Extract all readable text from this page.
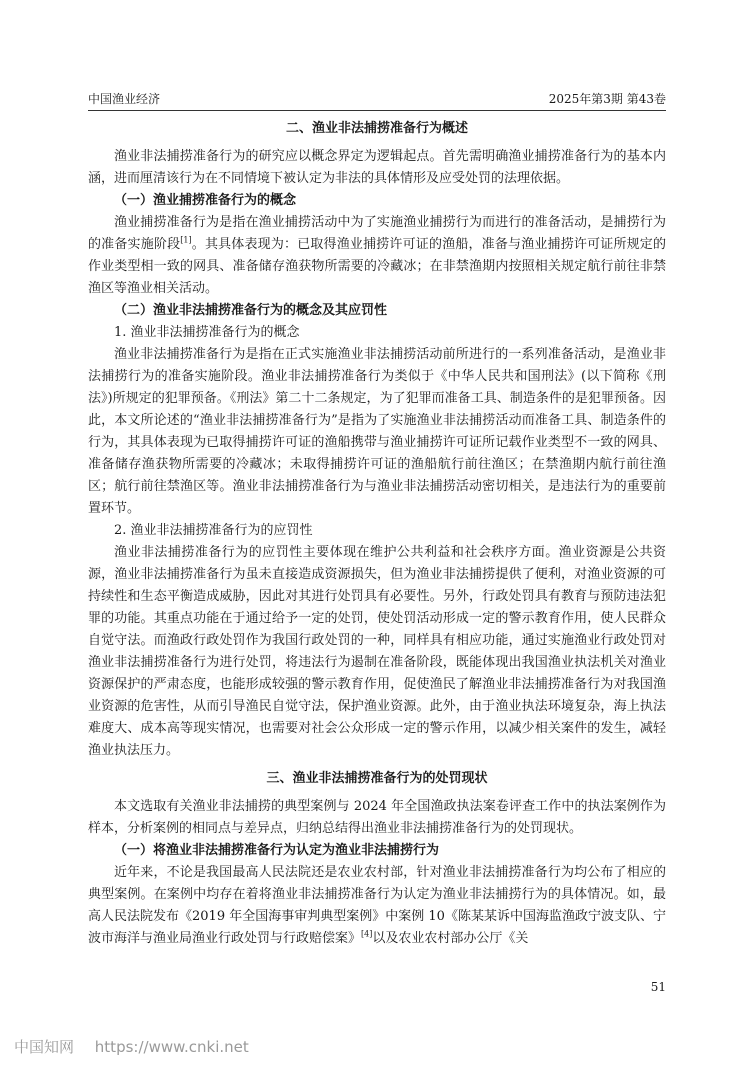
中国渔业经济	2025年第3期 第43卷
二、渔业非法捕捞准备行为概述

渔业非法捕捞准备行为的研究应以概念界定为逻辑起点。首先需明确渔业捕捞准备行为的基本内涵，进而厘清该行为在不同情境下被认定为非法的具体情形及应受处罚的法理依据。

（一）渔业捕捞准备行为的概念

渔业捕捞准备行为是指在渔业捕捞活动中为了实施渔业捕捞行为而进行的准备活动，是捕捞行为的准备实施阶段[1]。其具体表现为：已取得渔业捕捞许可证的渔船，准备与渔业捕捞许可证所规定的作业类型相一致的网具、准备储存渔获物所需要的冷藏冰；在非禁渔期内按照相关规定航行前往非禁渔区等渔业相关活动。

（二）渔业非法捕捞准备行为的概念及其应罚性
1. 渔业非法捕捞准备行为的概念

渔业非法捕捞准备行为是指在正式实施渔业非法捕捞活动前所进行的一系列准备活动，是渔业非法捕捞行为的准备实施阶段。渔业非法捕捞准备行为类似于《中华人民共和国刑法》(以下简称《刑法》)所规定的犯罪预备。《刑法》第二十二条规定，为了犯罪而准备工具、制造条件的是犯罪预备。因此，本文所论述的“渔业非法捕捞准备行为”是指为了实施渔业非法捕捞活动而准备工具、制造条件的行为，其具体表现为已取得捕捞许可证的渔船携带与渔业捕捞许可证所记载作业类型不一致的网具、准备储存渔获物所需要的冷藏冰；未取得捕捞许可证的渔船航行前往渔区；在禁渔期内航行前往渔区；航行前往禁渔区等。渔业非法捕捞准备行为与渔业非法捕捞活动密切相关，是违法行为的重要前置环节。

2. 渔业非法捕捞准备行为的应罚性

渔业非法捕捞准备行为的应罚性主要体现在维护公共利益和社会秩序方面。渔业资源是公共资源，渔业非法捕捞准备行为虽未直接造成资源损失，但为渔业非法捕捞提供了便利，对渔业资源的可持续性和生态平衡造成威胁，因此对其进行处罚具有必要性。另外，行政处罚具有教育与预防违法犯罪的功能。其重点功能在于通过给予一定的处罚，使处罚活动形成一定的警示教育作用，使人民群众自觉守法。而渔政行政处罚作为我国行政处罚的一种，同样具有相应功能，通过实施渔业行政处罚对渔业非法捕捞准备行为进行处罚，将违法行为遏制在准备阶段，既能体现出我国渔业执法机关对渔业资源保护的严肃态度，也能形成较强的警示教育作用，促使渔民了解渔业非法捕捞准备行为对我国渔业资源的危害性，从而引导渔民自觉守法，保护渔业资源。此外，由于渔业执法环境复杂，海上执法难度大、成本高等现实情况，也需要对社会公众形成一定的警示作用，以减少相关案件的发生，减轻渔业执法压力。

三、渔业非法捕捞准备行为的处罚现状

本文选取有关渔业非法捕捞的典型案例与 2024 年全国渔政执法案卷评查工作中的执法案例作为样本，分析案例的相同点与差异点，归纳总结得出渔业非法捕捞准备行为的处罚现状。

（一）将渔业非法捕捞准备行为认定为渔业非法捕捞行为

近年来，不论是我国最高人民法院还是农业农村部，针对渔业非法捕捞准备行为均公布了相应的典型案例。在案例中均存在着将渔业非法捕捞准备行为认定为渔业非法捕捞行为的具体情况。如，最高人民法院发布《2019 年全国海事审判典型案例》中案例 10《陈某某诉中国海监渔政宁波支队、宁波市海洋与渔业局渔业行政处罚与行政赔偿案》[4]以及农业农村部办公厅《关

51
中国知网 https://www.cnki.net
